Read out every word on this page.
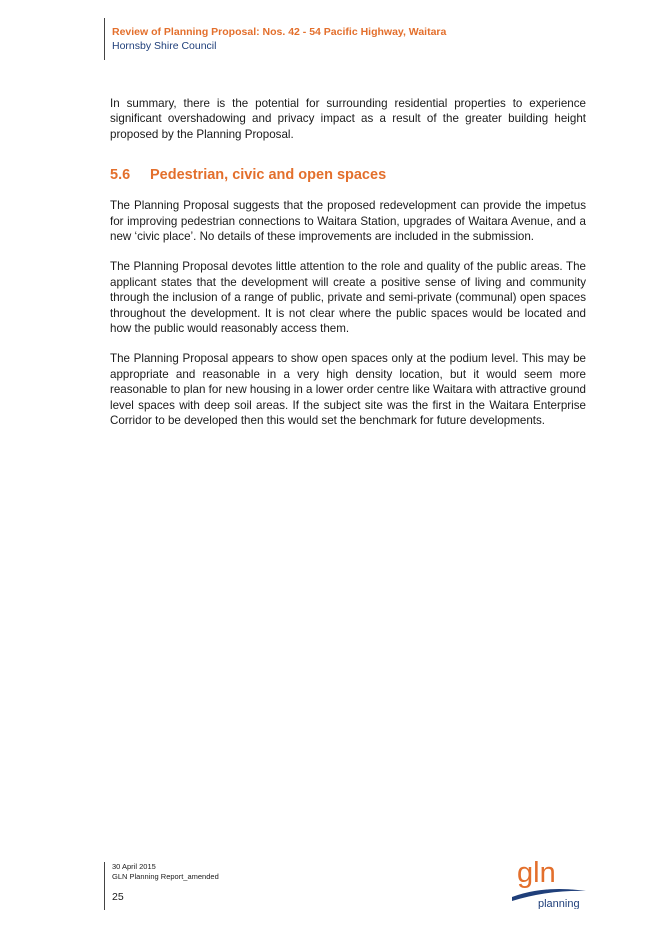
Review of Planning Proposal: Nos. 42 - 54 Pacific Highway, Waitara
Hornsby Shire Council

In summary, there is the potential for surrounding residential properties to experience significant overshadowing and privacy impact as a result of the greater building height proposed by the Planning Proposal.

5.6	Pedestrian, civic and open spaces

The Planning Proposal suggests that the proposed redevelopment can provide the impetus for improving pedestrian connections to Waitara Station, upgrades of Waitara Avenue, and a new ‘civic place’. No details of these improvements are included in the submission.

The Planning Proposal devotes little attention to the role and quality of the public areas. The applicant states that the development will create a positive sense of living and community through the inclusion of a range of public, private and semi-private (communal) open spaces throughout the development. It is not clear where the public spaces would be located and how the public would reasonably access them.

The Planning Proposal appears to show open spaces only at the podium level. This may be appropriate and reasonable in a very high density location, but it would seem more reasonable to plan for new housing in a lower order centre like Waitara with attractive ground level spaces with deep soil areas. If the subject site was the first in the Waitara Enterprise Corridor to be developed then this would set the benchmark for future developments.

30 April 2015
GLN Planning Report_amended
25
gln
planning
